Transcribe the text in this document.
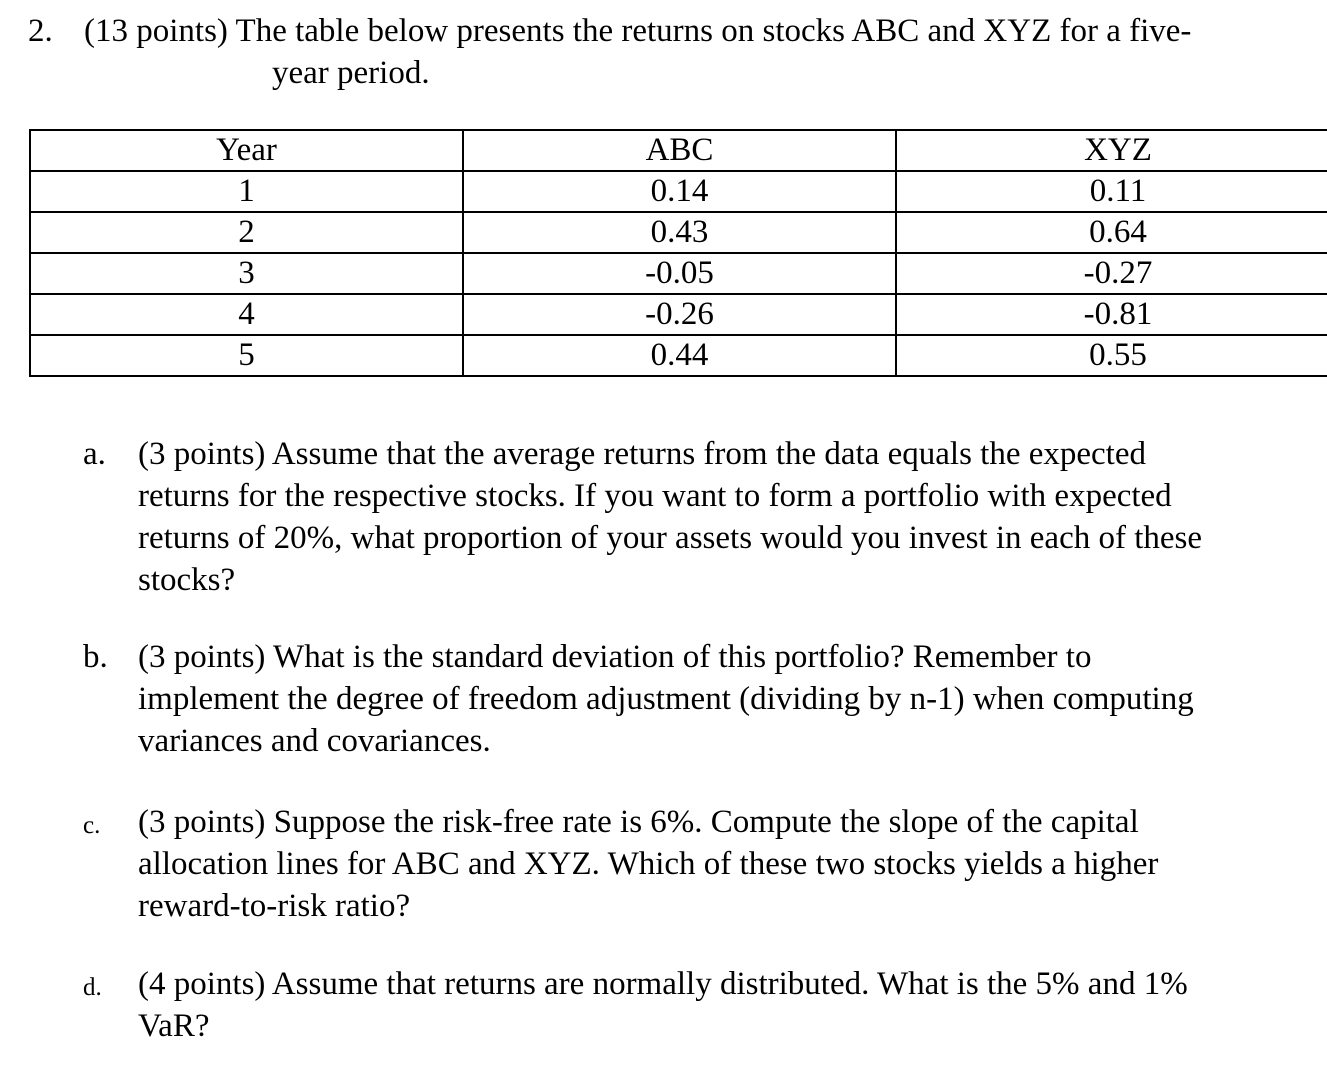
2. (13 points) The table below presents the returns on stocks ABC and XYZ for a five-
year period.
Year	ABC	XYZ
1	0.14	0.11
2	0.43	0.64
3	-0.05	-0.27
4	-0.26	-0.81
5	0.44	0.55
a. (3 points) Assume that the average returns from the data equals the expected
returns for the respective stocks. If you want to form a portfolio with expected
returns of 20%, what proportion of your assets would you invest in each of these
stocks?
b. (3 points) What is the standard deviation of this portfolio? Remember to
implement the degree of freedom adjustment (dividing by n-1) when computing
variances and covariances.
c. (3 points) Suppose the risk-free rate is 6%. Compute the slope of the capital
allocation lines for ABC and XYZ. Which of these two stocks yields a higher
reward-to-risk ratio?
d. (4 points) Assume that returns are normally distributed. What is the 5% and 1%
VaR?
